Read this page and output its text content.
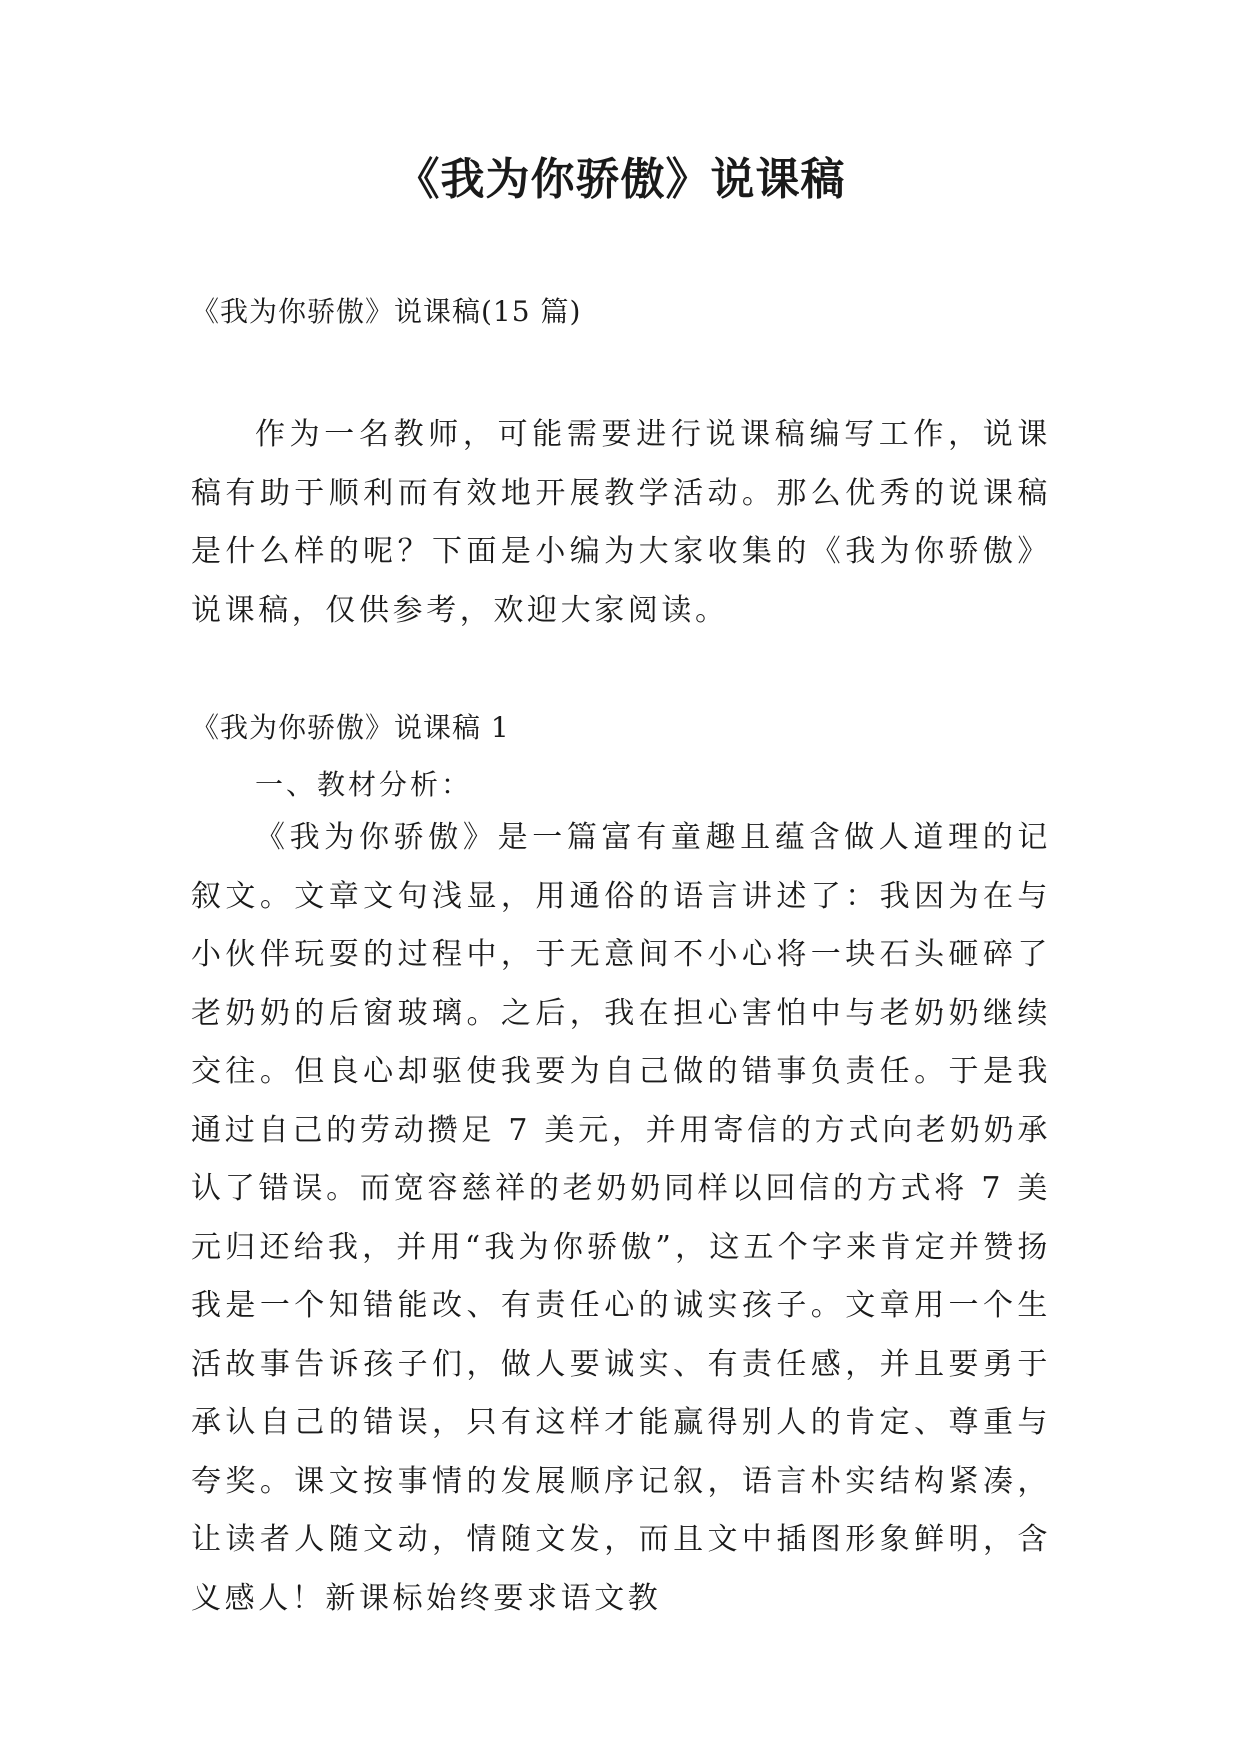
《我为你骄傲》说课稿
《我为你骄傲》说课稿(15 篇)

作为一名教师，可能需要进行说课稿编写工作，说课稿有助于顺利而有效地开展教学活动。那么优秀的说课稿是什么样的呢？下面是小编为大家收集的《我为你骄傲》说课稿，仅供参考，欢迎大家阅读。

《我为你骄傲》说课稿 1
一、教材分析：

《我为你骄傲》是一篇富有童趣且蕴含做人道理的记叙文。文章文句浅显，用通俗的语言讲述了：我因为在与小伙伴玩耍的过程中，于无意间不小心将一块石头砸碎了老奶奶的后窗玻璃。之后，我在担心害怕中与老奶奶继续交往。但良心却驱使我要为自己做的错事负责任。于是我通过自己的劳动攒足 7 美元，并用寄信的方式向老奶奶承认了错误。而宽容慈祥的老奶奶同样以回信的方式将 7 美元归还给我，并用“我为你骄傲”，这五个字来肯定并赞扬我是一个知错能改、有责任心的诚实孩子。文章用一个生活故事告诉孩子们，做人要诚实、有责任感，并且要勇于承认自己的错误，只有这样才能赢得别人的肯定、尊重与夸奖。课文按事情的发展顺序记叙，语言朴实结构紧凑，让读者人随文动，情随文发，而且文中插图形象鲜明，含义感人！新课标始终要求语文教
